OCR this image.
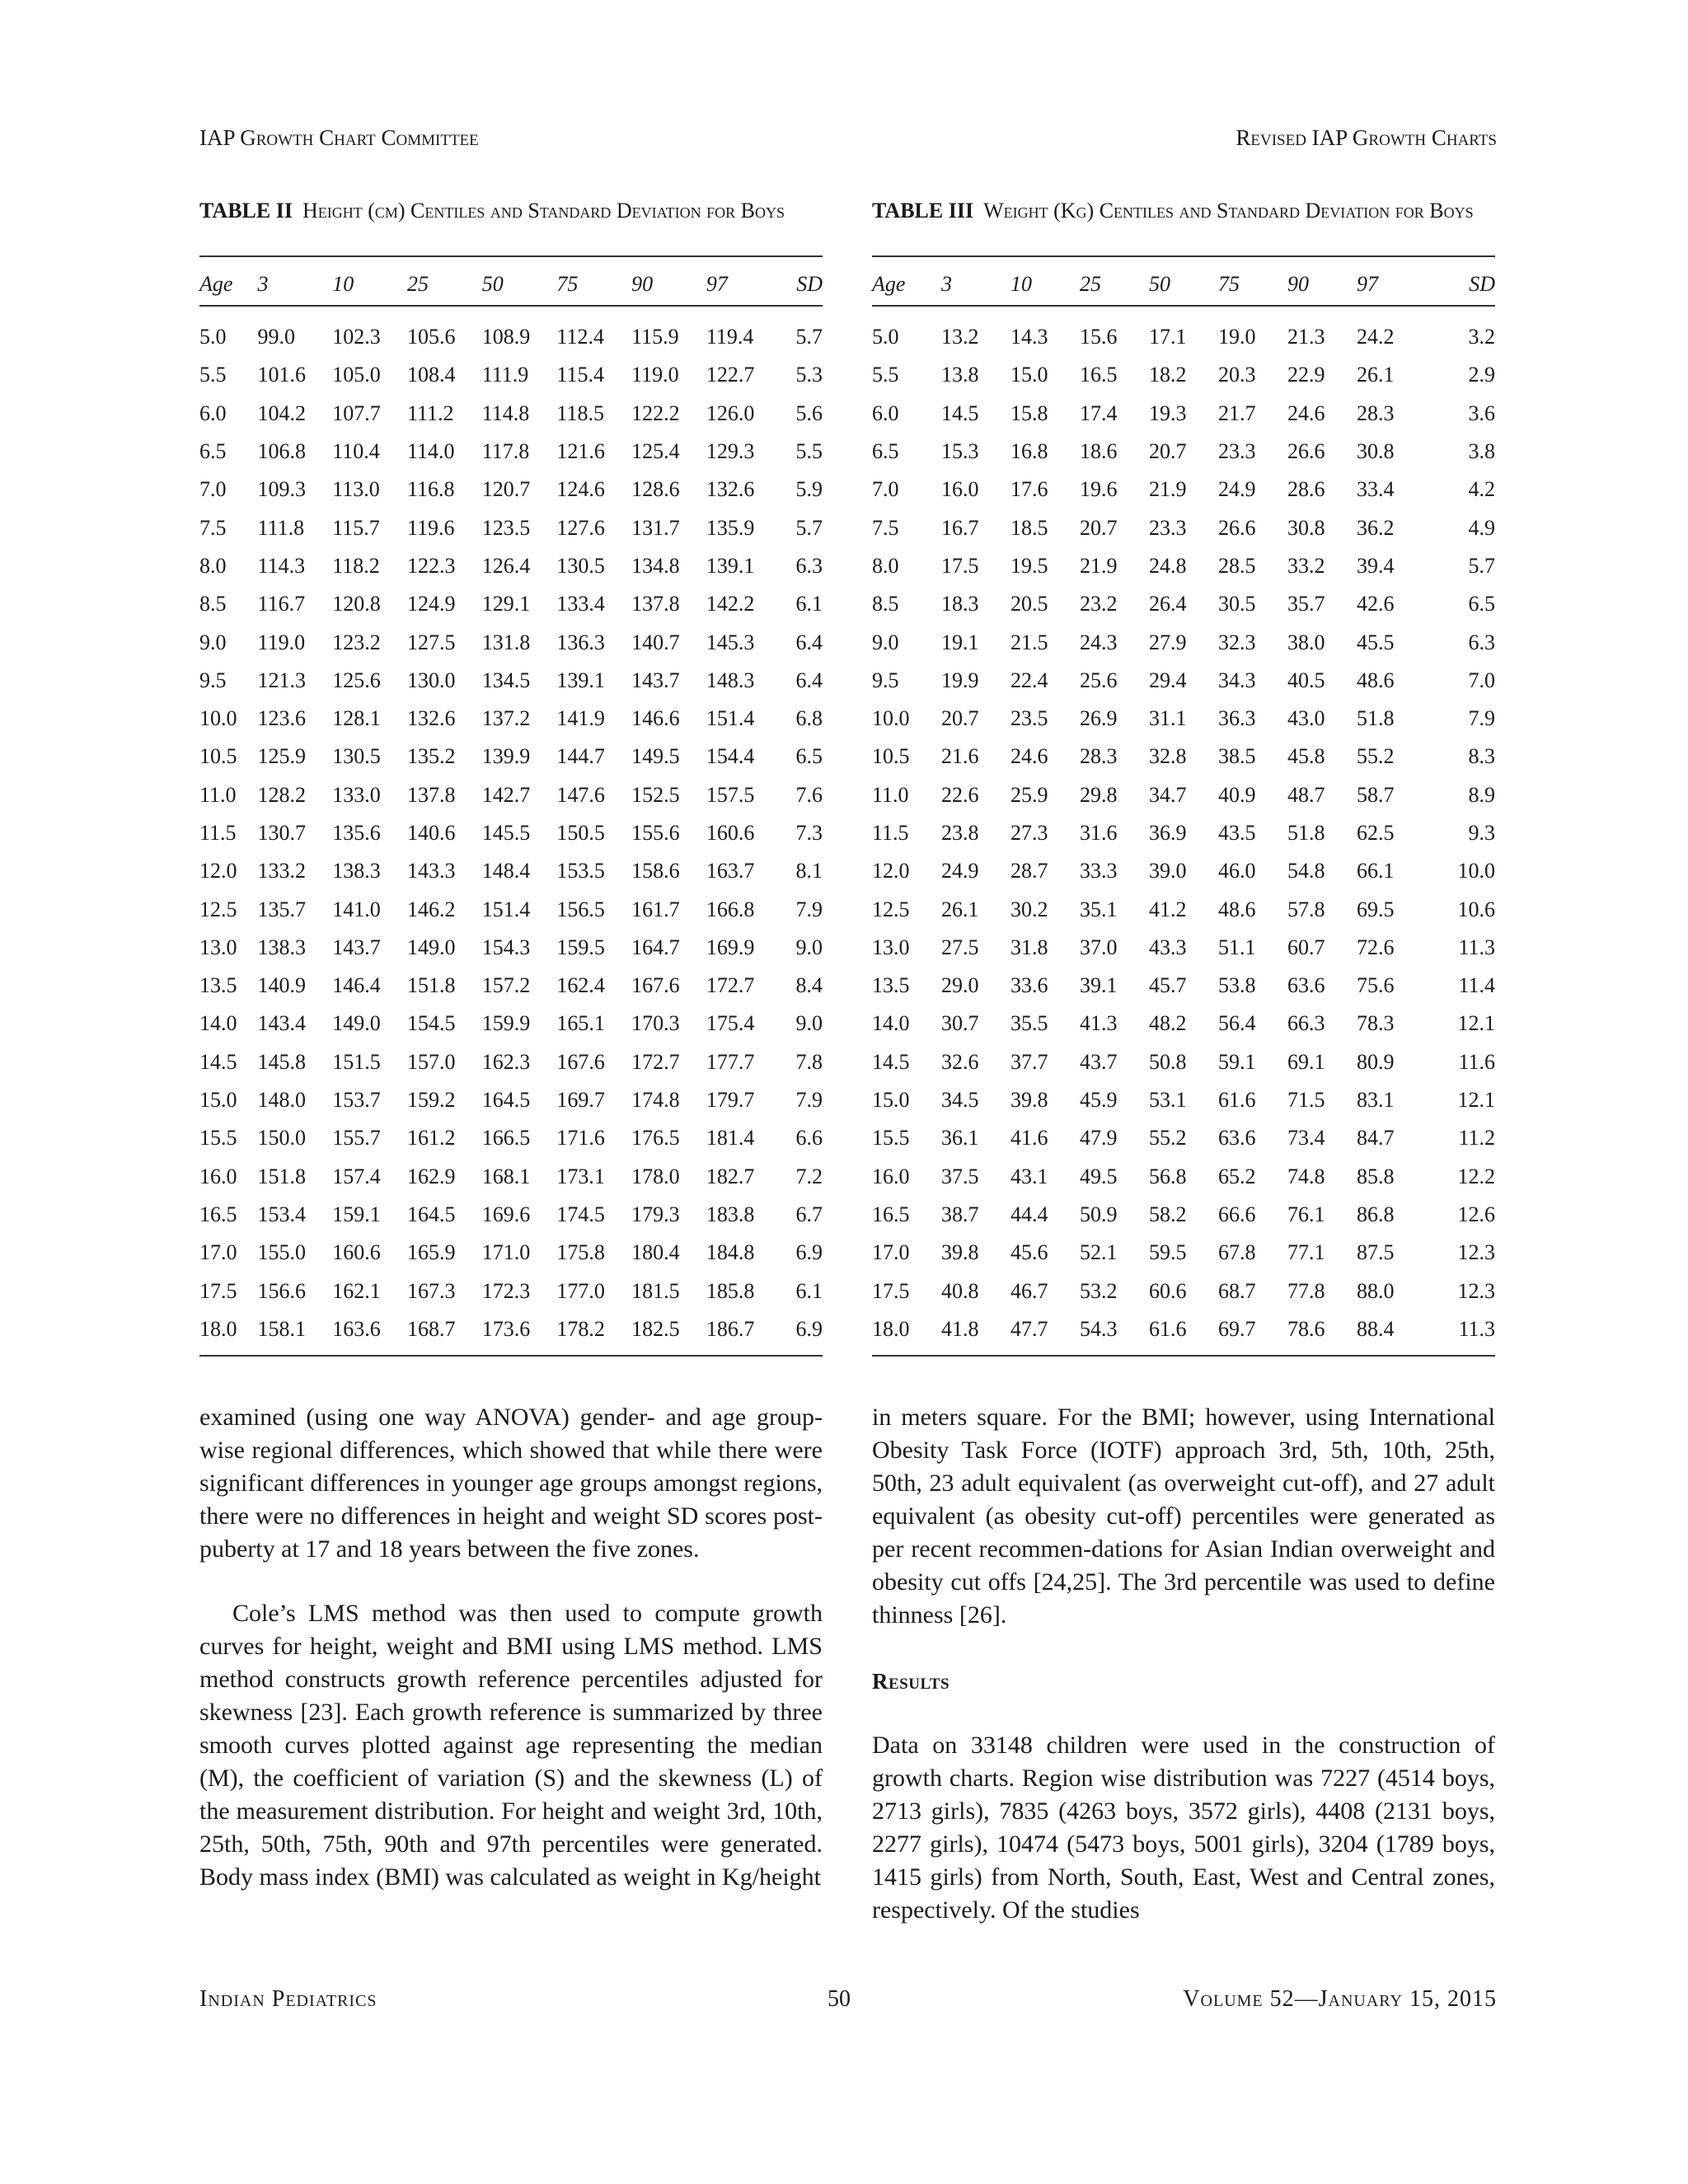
IAP Growth Chart Committee	Revised IAP Growth Charts
TABLE II Height (cm) Centiles and Standard Deviation for Boys
Age	3	10	25	50	75	90	97	SD
5.0	99.0	102.3	105.6	108.9	112.4	115.9	119.4	5.7
5.5	101.6	105.0	108.4	111.9	115.4	119.0	122.7	5.3
6.0	104.2	107.7	111.2	114.8	118.5	122.2	126.0	5.6
6.5	106.8	110.4	114.0	117.8	121.6	125.4	129.3	5.5
7.0	109.3	113.0	116.8	120.7	124.6	128.6	132.6	5.9
7.5	111.8	115.7	119.6	123.5	127.6	131.7	135.9	5.7
8.0	114.3	118.2	122.3	126.4	130.5	134.8	139.1	6.3
8.5	116.7	120.8	124.9	129.1	133.4	137.8	142.2	6.1
9.0	119.0	123.2	127.5	131.8	136.3	140.7	145.3	6.4
9.5	121.3	125.6	130.0	134.5	139.1	143.7	148.3	6.4
10.0	123.6	128.1	132.6	137.2	141.9	146.6	151.4	6.8
10.5	125.9	130.5	135.2	139.9	144.7	149.5	154.4	6.5
11.0	128.2	133.0	137.8	142.7	147.6	152.5	157.5	7.6
11.5	130.7	135.6	140.6	145.5	150.5	155.6	160.6	7.3
12.0	133.2	138.3	143.3	148.4	153.5	158.6	163.7	8.1
12.5	135.7	141.0	146.2	151.4	156.5	161.7	166.8	7.9
13.0	138.3	143.7	149.0	154.3	159.5	164.7	169.9	9.0
13.5	140.9	146.4	151.8	157.2	162.4	167.6	172.7	8.4
14.0	143.4	149.0	154.5	159.9	165.1	170.3	175.4	9.0
14.5	145.8	151.5	157.0	162.3	167.6	172.7	177.7	7.8
15.0	148.0	153.7	159.2	164.5	169.7	174.8	179.7	7.9
15.5	150.0	155.7	161.2	166.5	171.6	176.5	181.4	6.6
16.0	151.8	157.4	162.9	168.1	173.1	178.0	182.7	7.2
16.5	153.4	159.1	164.5	169.6	174.5	179.3	183.8	6.7
17.0	155.0	160.6	165.9	171.0	175.8	180.4	184.8	6.9
17.5	156.6	162.1	167.3	172.3	177.0	181.5	185.8	6.1
18.0	158.1	163.6	168.7	173.6	178.2	182.5	186.7	6.9
TABLE III Weight (Kg) Centiles and Standard Deviation for Boys
Age	3	10	25	50	75	90	97	SD
5.0	13.2	14.3	15.6	17.1	19.0	21.3	24.2	3.2
5.5	13.8	15.0	16.5	18.2	20.3	22.9	26.1	2.9
6.0	14.5	15.8	17.4	19.3	21.7	24.6	28.3	3.6
6.5	15.3	16.8	18.6	20.7	23.3	26.6	30.8	3.8
7.0	16.0	17.6	19.6	21.9	24.9	28.6	33.4	4.2
7.5	16.7	18.5	20.7	23.3	26.6	30.8	36.2	4.9
8.0	17.5	19.5	21.9	24.8	28.5	33.2	39.4	5.7
8.5	18.3	20.5	23.2	26.4	30.5	35.7	42.6	6.5
9.0	19.1	21.5	24.3	27.9	32.3	38.0	45.5	6.3
9.5	19.9	22.4	25.6	29.4	34.3	40.5	48.6	7.0
10.0	20.7	23.5	26.9	31.1	36.3	43.0	51.8	7.9
10.5	21.6	24.6	28.3	32.8	38.5	45.8	55.2	8.3
11.0	22.6	25.9	29.8	34.7	40.9	48.7	58.7	8.9
11.5	23.8	27.3	31.6	36.9	43.5	51.8	62.5	9.3
12.0	24.9	28.7	33.3	39.0	46.0	54.8	66.1	10.0
12.5	26.1	30.2	35.1	41.2	48.6	57.8	69.5	10.6
13.0	27.5	31.8	37.0	43.3	51.1	60.7	72.6	11.3
13.5	29.0	33.6	39.1	45.7	53.8	63.6	75.6	11.4
14.0	30.7	35.5	41.3	48.2	56.4	66.3	78.3	12.1
14.5	32.6	37.7	43.7	50.8	59.1	69.1	80.9	11.6
15.0	34.5	39.8	45.9	53.1	61.6	71.5	83.1	12.1
15.5	36.1	41.6	47.9	55.2	63.6	73.4	84.7	11.2
16.0	37.5	43.1	49.5	56.8	65.2	74.8	85.8	12.2
16.5	38.7	44.4	50.9	58.2	66.6	76.1	86.8	12.6
17.0	39.8	45.6	52.1	59.5	67.8	77.1	87.5	12.3
17.5	40.8	46.7	53.2	60.6	68.7	77.8	88.0	12.3
18.0	41.8	47.7	54.3	61.6	69.7	78.6	88.4	11.3

examined (using one way ANOVA) gender- and age group-wise regional differences, which showed that while there were significant differences in younger age groups amongst regions, there were no differences in height and weight SD scores post-puberty at 17 and 18 years between the five zones.

Cole’s LMS method was then used to compute growth curves for height, weight and BMI using LMS method. LMS method constructs growth reference percentiles adjusted for skewness [23]. Each growth reference is summarized by three smooth curves plotted against age representing the median (M), the coefficient of variation (S) and the skewness (L) of the measurement distribution. For height and weight 3rd, 10th, 25th, 50th, 75th, 90th and 97th percentiles were generated. Body mass index (BMI) was calculated as weight in Kg/height

in meters square. For the BMI; however, using International Obesity Task Force (IOTF) approach 3rd, 5th, 10th, 25th, 50th, 23 adult equivalent (as overweight cut-off), and 27 adult equivalent (as obesity cut-off) percentiles were generated as per recent recommen-dations for Asian Indian overweight and obesity cut offs [24,25]. The 3rd percentile was used to define thinness [26].

Results

Data on 33148 children were used in the construction of growth charts. Region wise distribution was 7227 (4514 boys, 2713 girls), 7835 (4263 boys, 3572 girls), 4408 (2131 boys, 2277 girls), 10474 (5473 boys, 5001 girls), 3204 (1789 boys, 1415 girls) from North, South, East, West and Central zones, respectively. Of the studies

Indian Pediatrics	50	Volume 52—January 15, 2015
